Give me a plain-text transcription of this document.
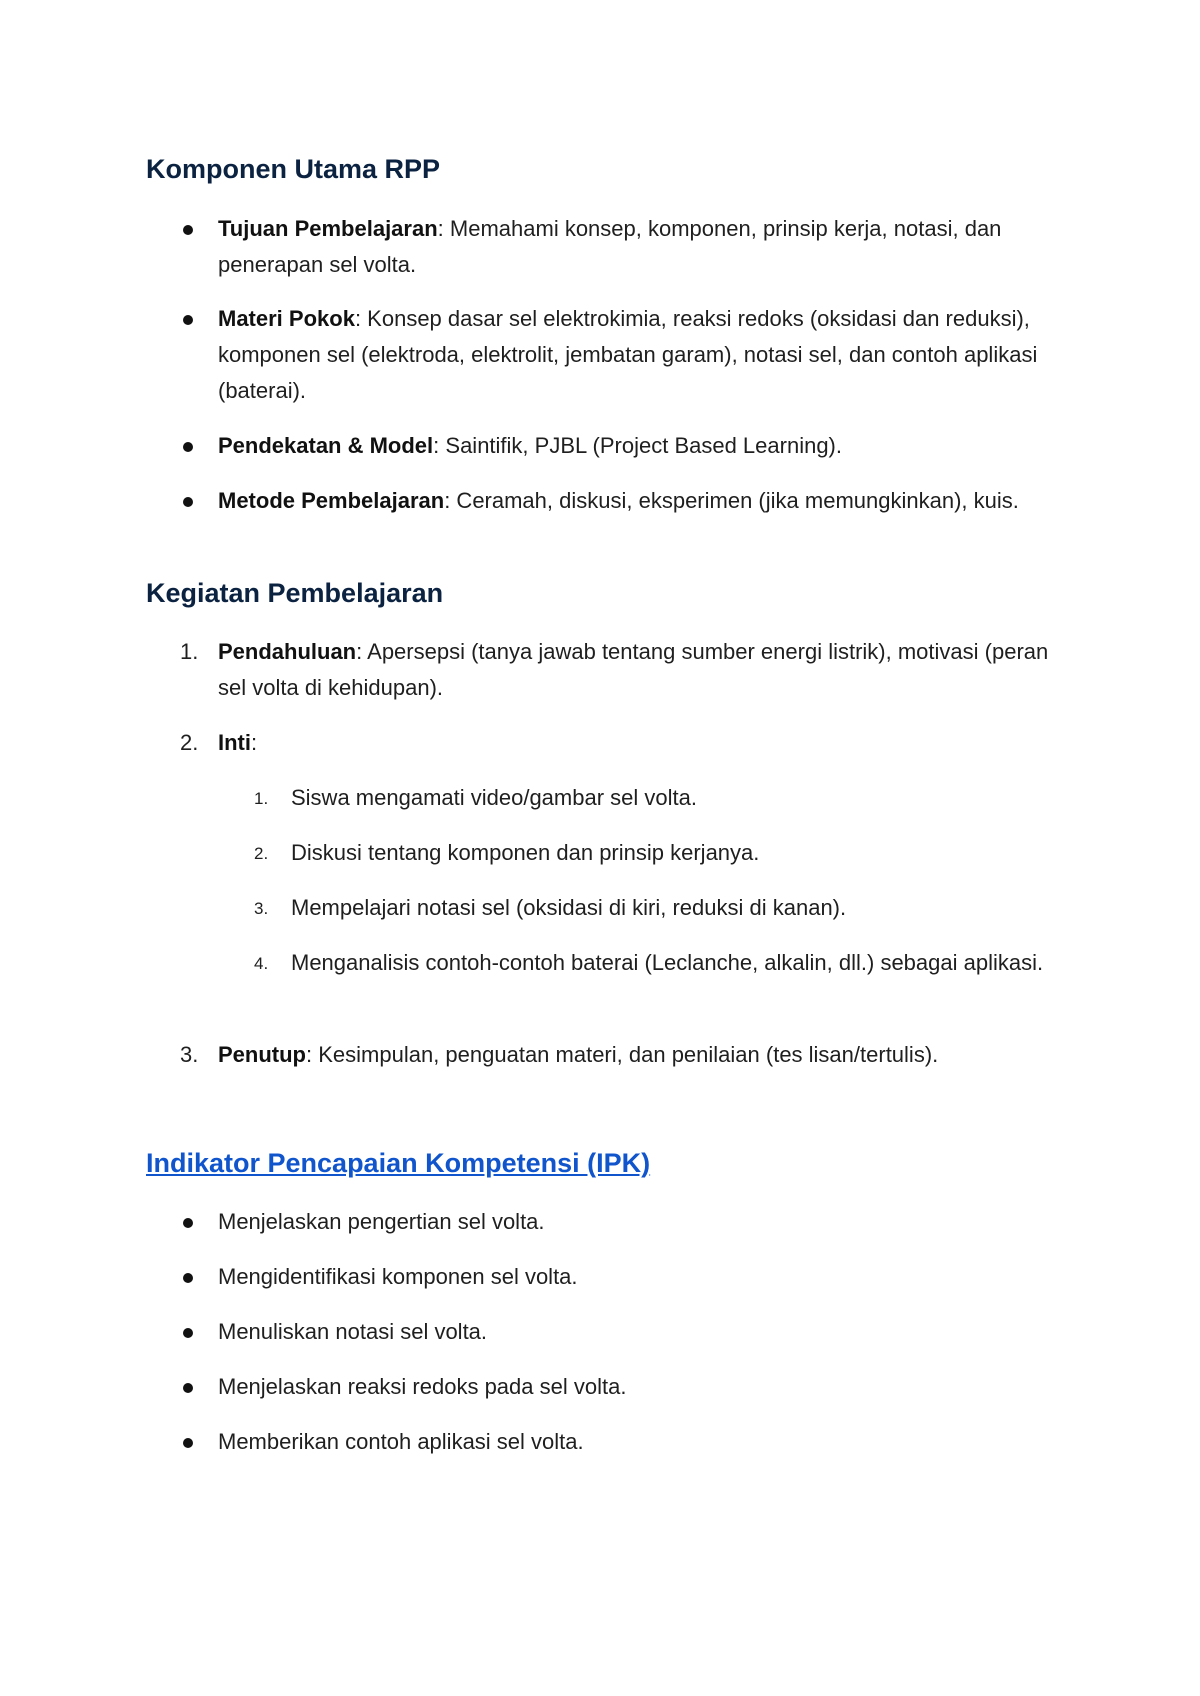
Komponen Utama RPP
Tujuan Pembelajaran: Memahami konsep, komponen, prinsip kerja, notasi, dan penerapan sel volta.
Materi Pokok: Konsep dasar sel elektrokimia, reaksi redoks (oksidasi dan reduksi), komponen sel (elektroda, elektrolit, jembatan garam), notasi sel, dan contoh aplikasi (baterai).
Pendekatan & Model: Saintifik, PJBL (Project Based Learning).
Metode Pembelajaran: Ceramah, diskusi, eksperimen (jika memungkinkan), kuis.
Kegiatan Pembelajaran
1. Pendahuluan: Apersepsi (tanya jawab tentang sumber energi listrik), motivasi (peran sel volta di kehidupan).
2. Inti:
1.	Siswa mengamati video/gambar sel volta.
2.	Diskusi tentang komponen dan prinsip kerjanya.
3.	Mempelajari notasi sel (oksidasi di kiri, reduksi di kanan).
4.	Menganalisis contoh-contoh baterai (Leclanche, alkalin, dll.) sebagai aplikasi.
3. Penutup: Kesimpulan, penguatan materi, dan penilaian (tes lisan/tertulis).
Indikator Pencapaian Kompetensi (IPK)
Menjelaskan pengertian sel volta.
Mengidentifikasi komponen sel volta.
Menuliskan notasi sel volta.
Menjelaskan reaksi redoks pada sel volta.
Memberikan contoh aplikasi sel volta.
